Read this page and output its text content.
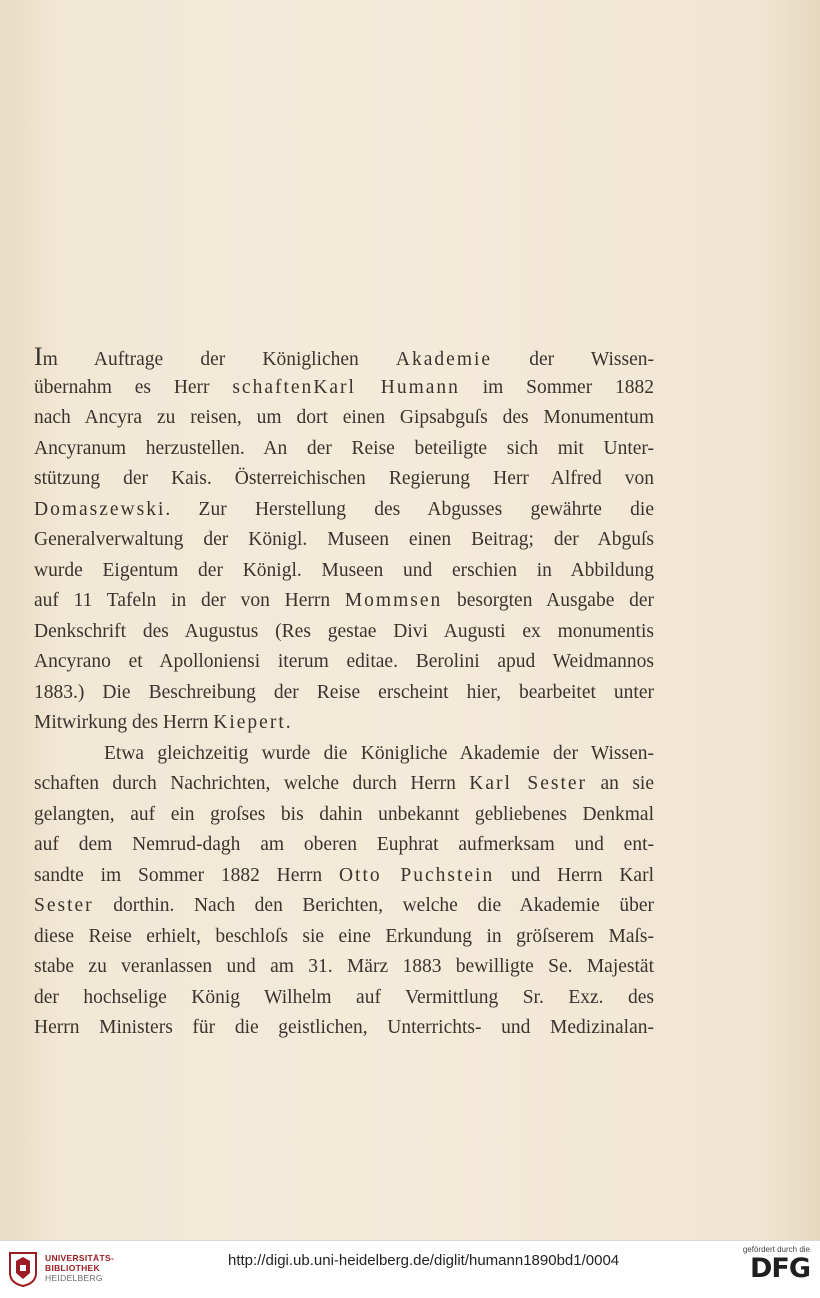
Im Auftrage der Königlichen Akademie der Wissen-
übernahm es Herr schaftenKarl Humann im Sommer 1882
nach Ancyra zu reisen, um dort einen Gipsabguſs des Monumentum
Ancyranum herzustellen. An der Reise beteiligte sich mit Unter-
stützung der Kais. Österreichischen Regierung Herr Alfred von
Domaszewski. Zur Herstellung des Abgusses gewährte die
Generalverwaltung der Königl. Museen einen Beitrag; der Abguſs
wurde Eigentum der Königl. Museen und erschien in Abbildung
auf 11 Tafeln in der von Herrn Mommsen besorgten Ausgabe der
Denkschrift des Augustus (Res gestae Divi Augusti ex monumentis
Ancyrano et Apolloniensi iterum editae. Berolini apud Weidmannos
1883.) Die Beschreibung der Reise erscheint hier, bearbeitet unter
Mitwirkung des Herrn Kiepert.
Etwa gleichzeitig wurde die Königliche Akademie der Wissen-
schaften durch Nachrichten, welche durch Herrn Karl Sester an sie
gelangten, auf ein groſses bis dahin unbekannt gebliebenes Denkmal
auf dem Nemrud-dagh am oberen Euphrat aufmerksam und ent-
sandte im Sommer 1882 Herrn Otto Puchstein und Herrn Karl
Sester dorthin. Nach den Berichten, welche die Akademie über
diese Reise erhielt, beschloſs sie eine Erkundung in gröſserem Maſs-
stabe zu veranlassen und am 31. März 1883 bewilligte Se. Majestät
der hochselige König Wilhelm auf Vermittlung Sr. Exz. des
Herrn Ministers für die geistlichen, Unterrichts- und Medizinalan-
UNIVERSITÄTS-
BIBLIOTHEK
HEIDELBERG
http://digi.ub.uni-heidelberg.de/diglit/humann1890bd1/0004
gefördert durch die
DFG
